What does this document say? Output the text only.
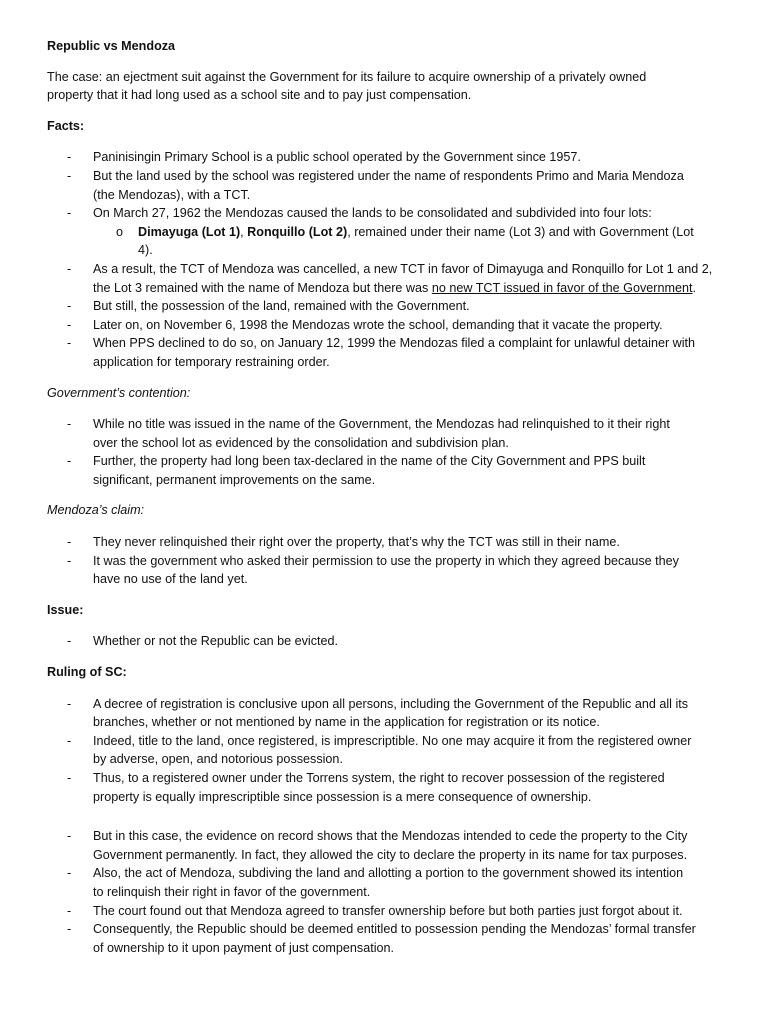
Republic vs Mendoza

The case: an ejectment suit against the Government for its failure to acquire ownership of a privately owned

property that it had long used as a school site and to pay just compensation.

Facts:

- Paninisingin Primary School is a public school operated by the Government since 1957.
- But the land used by the school was registered under the name of respondents Primo and Maria Mendoza
(the Mendozas), with a TCT.
- On March 27, 1962 the Mendozas caused the lands to be consolidated and subdivided into four lots:
o Dimayuga (Lot 1), Ronquillo (Lot 2), remained under their name (Lot 3) and with Government (Lot
4).
- As a result, the TCT of Mendoza was cancelled, a new TCT in favor of Dimayuga and Ronquillo for Lot 1 and 2,
the Lot 3 remained with the name of Mendoza but there was no new TCT issued in favor of the Government.
- But still, the possession of the land, remained with the Government.
- Later on, on November 6, 1998 the Mendozas wrote the school, demanding that it vacate the property.
- When PPS declined to do so, on January 12, 1999 the Mendozas filed a complaint for unlawful detainer with
application for temporary restraining order.

Government’s contention:

- While no title was issued in the name of the Government, the Mendozas had relinquished to it their right
over the school lot as evidenced by the consolidation and subdivision plan.
- Further, the property had long been tax-declared in the name of the City Government and PPS built
significant, permanent improvements on the same.

Mendoza’s claim:

- They never relinquished their right over the property, that’s why the TCT was still in their name.
- It was the government who asked their permission to use the property in which they agreed because they
have no use of the land yet.

Issue:

- Whether or not the Republic can be evicted.

Ruling of SC:

- A decree of registration is conclusive upon all persons, including the Government of the Republic and all its
branches, whether or not mentioned by name in the application for registration or its notice.
- Indeed, title to the land, once registered, is imprescriptible. No one may acquire it from the registered owner
by adverse, open, and notorious possession.
- Thus, to a registered owner under the Torrens system, the right to recover possession of the registered
property is equally imprescriptible since possession is a mere consequence of ownership.
- But in this case, the evidence on record shows that the Mendozas intended to cede the property to the City
Government permanently. In fact, they allowed the city to declare the property in its name for tax purposes.
- Also, the act of Mendoza, subdiving the land and allotting a portion to the government showed its intention
to relinquish their right in favor of the government.
- The court found out that Mendoza agreed to transfer ownership before but both parties just forgot about it.
- Consequently, the Republic should be deemed entitled to possession pending the Mendozas’ formal transfer
of ownership to it upon payment of just compensation.
